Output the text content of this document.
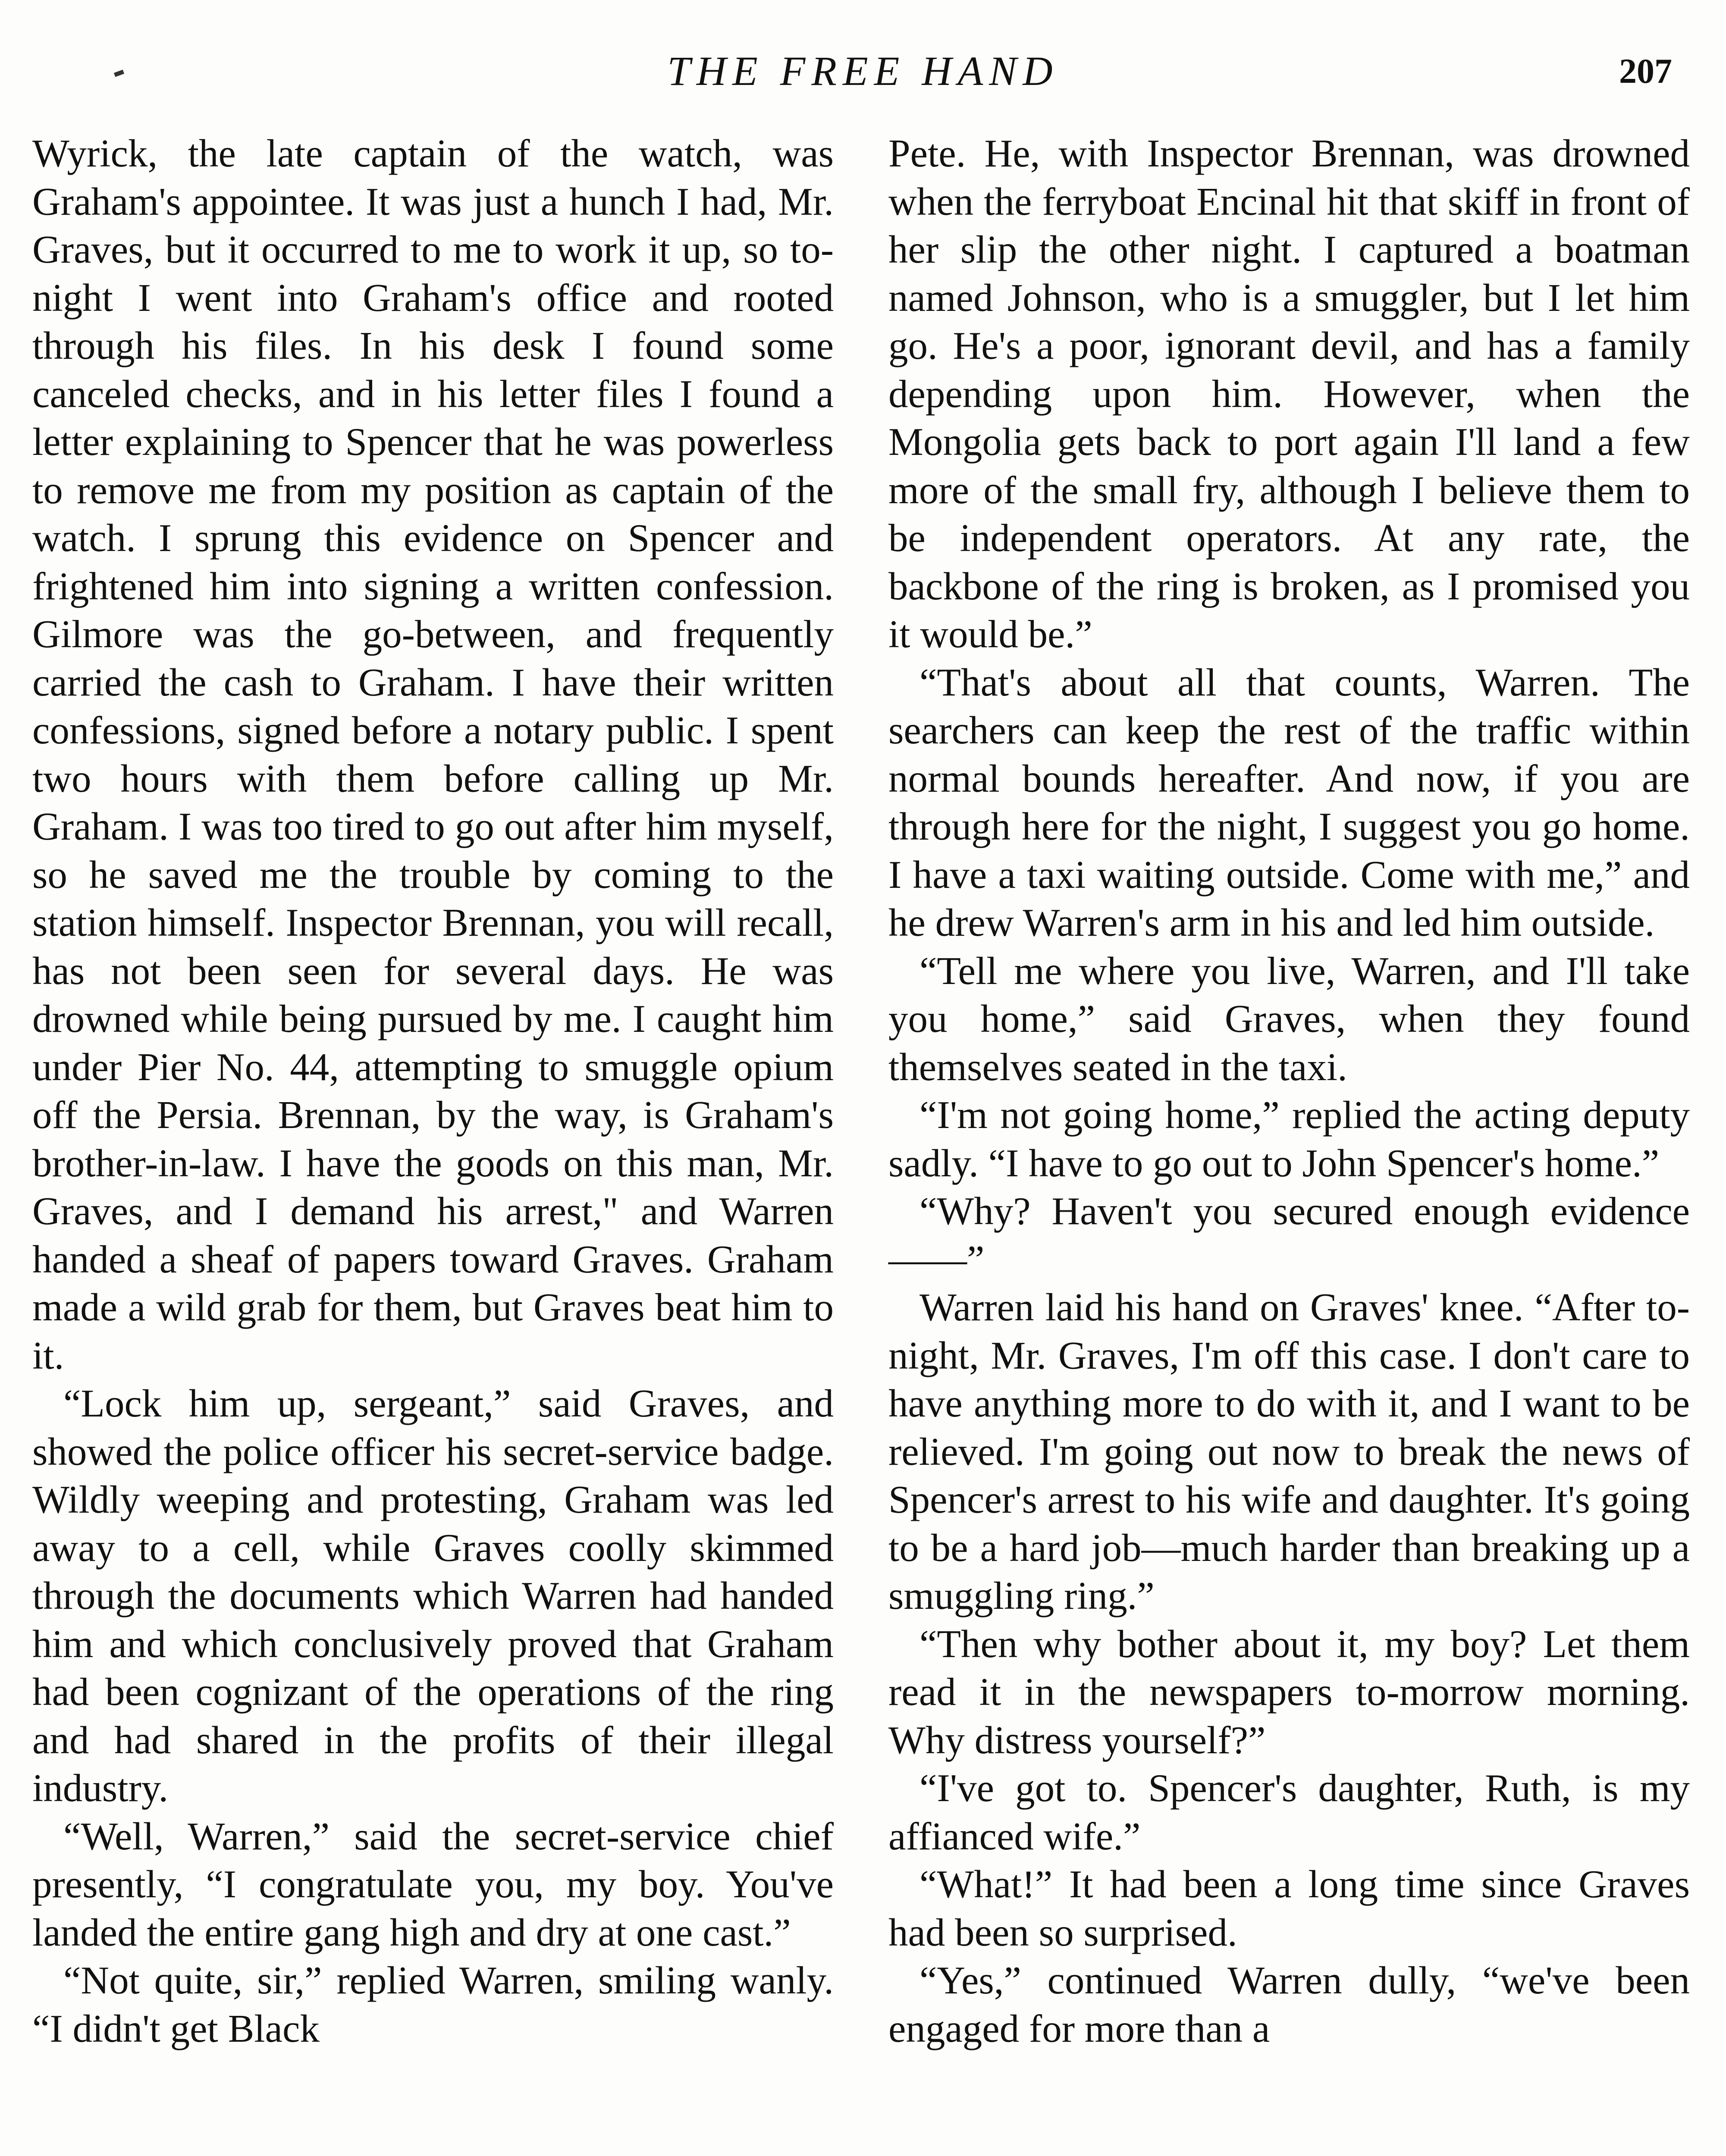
THE FREE HAND	207

Wyrick, the late captain of the watch, was Graham's appointee. It was just a hunch I had, Mr. Graves, but it occurred to me to work it up, so to-night I went into Graham's office and rooted through his files. In his desk I found some canceled checks, and in his letter files I found a letter explaining to Spencer that he was powerless to remove me from my position as captain of the watch. I sprung this evidence on Spencer and frightened him into signing a written confession. Gilmore was the go-between, and frequently carried the cash to Graham. I have their written confessions, signed before a notary public. I spent two hours with them before calling up Mr. Graham. I was too tired to go out after him myself, so he saved me the trouble by coming to the station himself. Inspector Brennan, you will recall, has not been seen for several days. He was drowned while being pursued by me. I caught him under Pier No. 44, attempting to smuggle opium off the Persia. Brennan, by the way, is Graham's brother-in-law. I have the goods on this man, Mr. Graves, and I demand his arrest," and Warren handed a sheaf of papers toward Graves. Graham made a wild grab for them, but Graves beat him to it.

“Lock him up, sergeant,” said Graves, and showed the police officer his secret-service badge. Wildly weeping and protesting, Graham was led away to a cell, while Graves coolly skimmed through the documents which Warren had handed him and which conclusively proved that Graham had been cognizant of the operations of the ring and had shared in the profits of their illegal industry.

“Well, Warren,” said the secret-service chief presently, “I congratulate you, my boy. You've landed the entire gang high and dry at one cast.”

“Not quite, sir,” replied Warren, smiling wanly. “I didn't get Black

Pete. He, with Inspector Brennan, was drowned when the ferryboat Encinal hit that skiff in front of her slip the other night. I captured a boatman named Johnson, who is a smuggler, but I let him go. He's a poor, ignorant devil, and has a family depending upon him. However, when the Mongolia gets back to port again I'll land a few more of the small fry, although I believe them to be independent operators. At any rate, the backbone of the ring is broken, as I promised you it would be.”

“That's about all that counts, Warren. The searchers can keep the rest of the traffic within normal bounds hereafter. And now, if you are through here for the night, I suggest you go home. I have a taxi waiting outside. Come with me,” and he drew Warren's arm in his and led him outside.

“Tell me where you live, Warren, and I'll take you home,” said Graves, when they found themselves seated in the taxi.

“I'm not going home,” replied the acting deputy sadly. “I have to go out to John Spencer's home.”

“Why? Haven't you secured enough evidence——”

Warren laid his hand on Graves' knee. “After to-night, Mr. Graves, I'm off this case. I don't care to have anything more to do with it, and I want to be relieved. I'm going out now to break the news of Spencer's arrest to his wife and daughter. It's going to be a hard job—much harder than breaking up a smuggling ring.”

“Then why bother about it, my boy? Let them read it in the newspapers to-morrow morning. Why distress yourself?”

“I've got to. Spencer's daughter, Ruth, is my affianced wife.”

“What!” It had been a long time since Graves had been so surprised.

“Yes,” continued Warren dully, “we've been engaged for more than a
